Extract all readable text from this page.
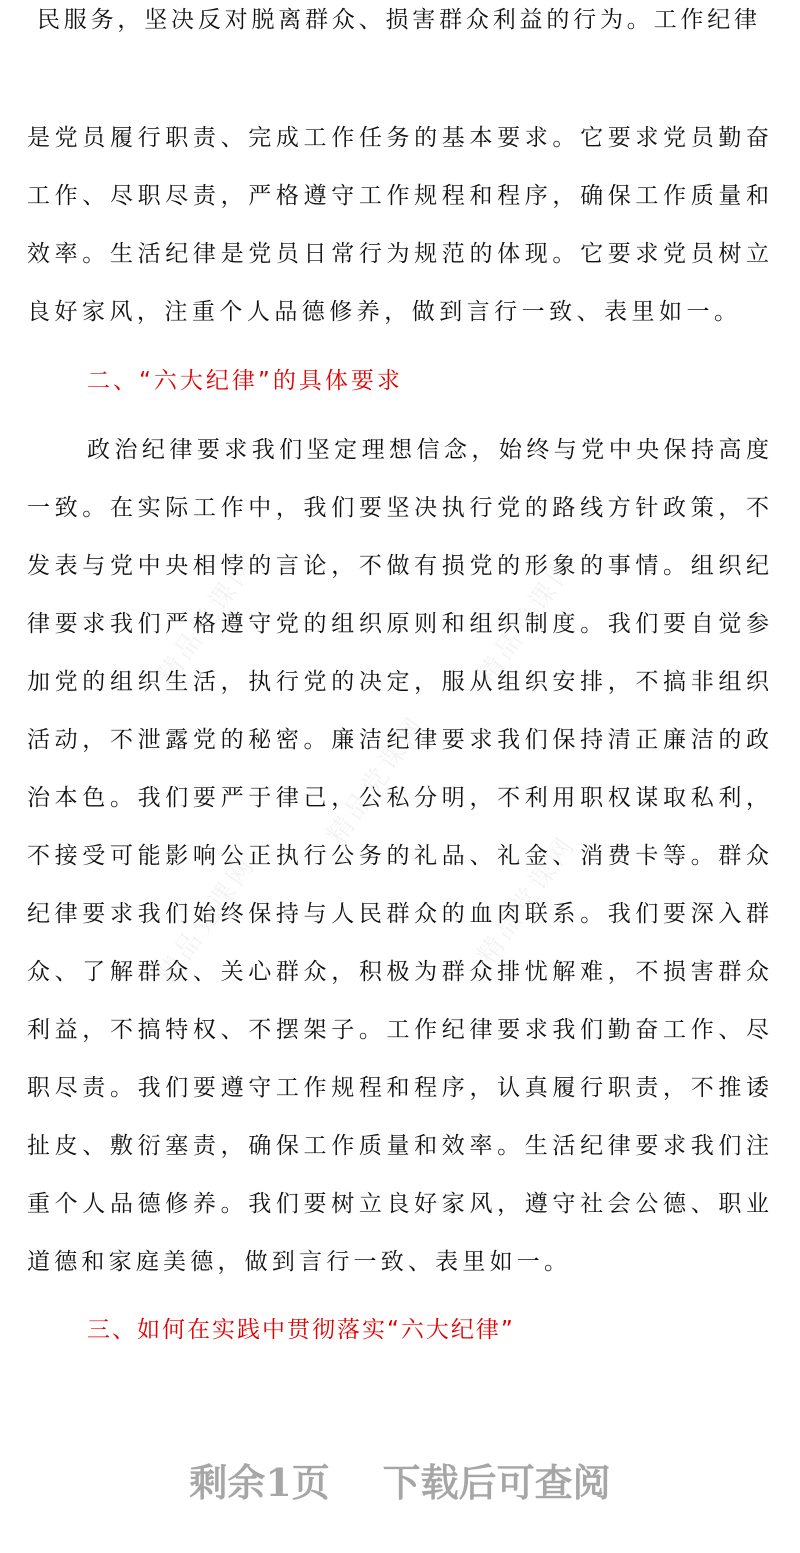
精品党课网	精品党课网
精品党课网
精品党课网	精品党课网
民服务，坚决反对脱离群众、损害群众利益的行为。工作纪律
是党员履行职责、完成工作任务的基本要求。它要求党员勤奋
工作、尽职尽责，严格遵守工作规程和程序，确保工作质量和
效率。生活纪律是党员日常行为规范的体现。它要求党员树立
良好家风，注重个人品德修养，做到言行一致、表里如一。
二、“六大纪律”的具体要求
政治纪律要求我们坚定理想信念，始终与党中央保持高度
一致。在实际工作中，我们要坚决执行党的路线方针政策，不
发表与党中央相悖的言论，不做有损党的形象的事情。组织纪
律要求我们严格遵守党的组织原则和组织制度。我们要自觉参
加党的组织生活，执行党的决定，服从组织安排，不搞非组织
活动，不泄露党的秘密。廉洁纪律要求我们保持清正廉洁的政
治本色。我们要严于律己，公私分明，不利用职权谋取私利，
不接受可能影响公正执行公务的礼品、礼金、消费卡等。群众
纪律要求我们始终保持与人民群众的血肉联系。我们要深入群
众、了解群众、关心群众，积极为群众排忧解难，不损害群众
利益，不搞特权、不摆架子。工作纪律要求我们勤奋工作、尽
职尽责。我们要遵守工作规程和程序，认真履行职责，不推诿
扯皮、敷衍塞责，确保工作质量和效率。生活纪律要求我们注
重个人品德修养。我们要树立良好家风，遵守社会公德、职业
道德和家庭美德，做到言行一致、表里如一。
三、如何在实践中贯彻落实“六大纪律”
剩余1页    下载后可查阅
